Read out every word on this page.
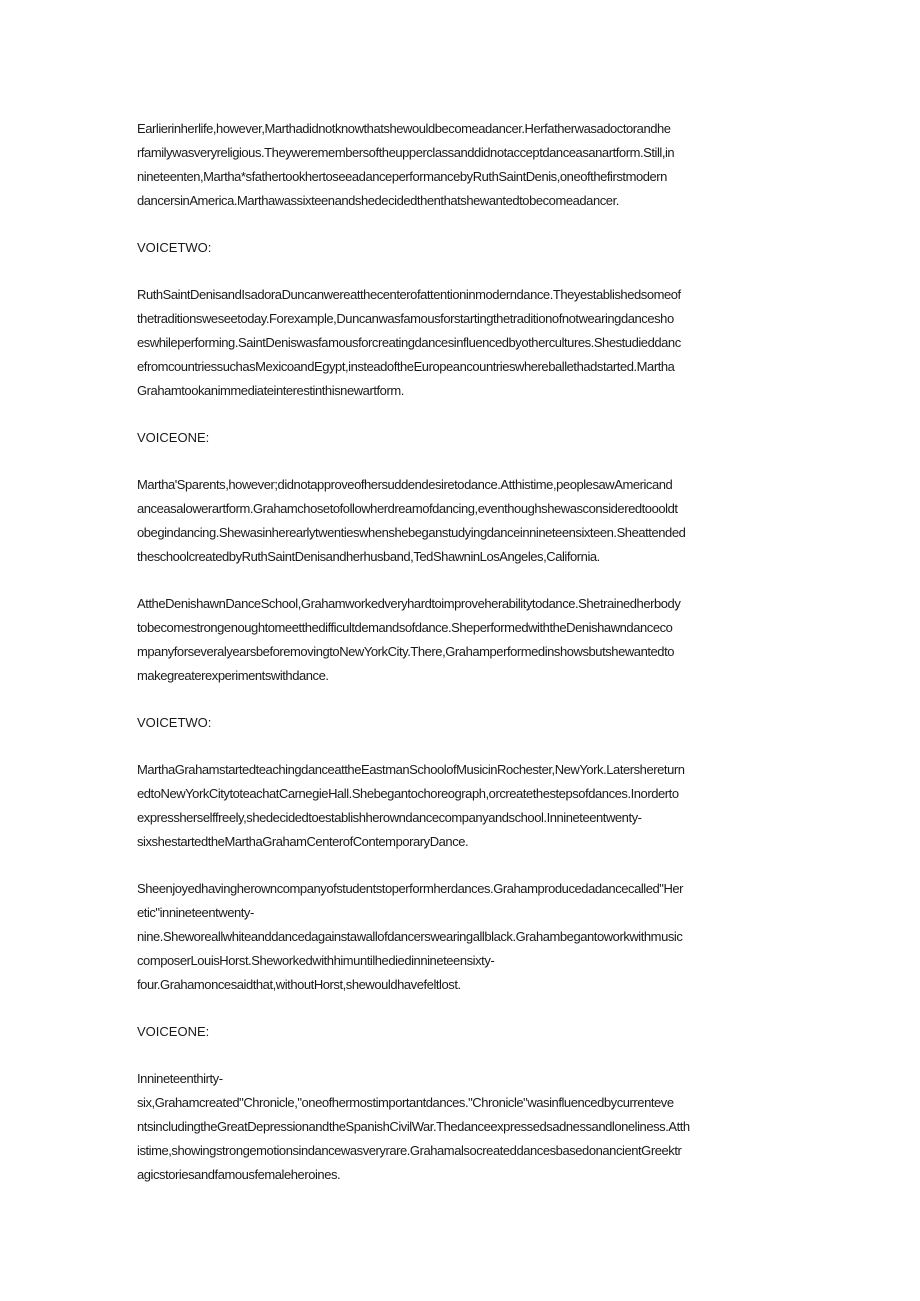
Earlierinherlife,however,Marthadidnotknowthatshewouldbecomeadancer.Herfatherwasadoctorandhe
rfamilywasveryreligious.Theyweremembersoftheupperclassanddidnotacceptdanceasanartform.Still,in
nineteenten,Martha*sfathertookhertoseeadanceperformancebyRuthSaintDenis,oneofthefirstmodern
dancersinAmerica.Marthawassixteenandshedecidedthenthatshewantedtobecomeadancer.
VOICETWO:
RuthSaintDenisandIsadoraDuncanwereatthecenterofattentioninmoderndance.Theyestablishedsomeof
thetraditionsweseetoday.Forexample,Duncanwasfamousforstartingthetraditionofnotwearingdancesho
eswhileperforming.SaintDeniswasfamousforcreatingdancesinfluencedbyothercultures.Shestudieddanc
efromcountriessuchasMexicoandEgypt,insteadoftheEuropeancountrieswhereballethadstarted.Martha
Grahamtookanimmediateinterestinthisnewartform.
VOICEONE:
Martha'Sparents,however;didnotapproveofhersuddendesiretodance.Atthistime,peoplesawAmericand
anceasalowerartform.Grahamchosetofollowherdreamofdancing,eventhoughshewasconsideredtoooldt
obegindancing.Shewasinherearlytwentieswhenshebeganstudyingdanceinnineteensixteen.Sheattended
theschoolcreatedbyRuthSaintDenisandherhusband,TedShawninLosAngeles,California.
AttheDenishawnDanceSchool,Grahamworkedveryhardtoimproveherabilitytodance.Shetrainedherbody
tobecomestrongenoughtomeetthedifficultdemandsofdance.SheperformedwiththeDenishawndanceco
mpanyforseveralyearsbeforemovingtoNewYorkCity.There,Grahamperformedinshowsbutshewantedto
makegreaterexperimentswithdance.
VOICETWO:
MarthaGrahamstartedteachingdanceattheEastmanSchoolofMusicinRochester,NewYork.Latershereturn
edtoNewYorkCitytoteachatCarnegieHall.Shebegantochoreograph,orcreatethestepsofdances.Inorderto
expressherselffreely,shedecidedtoestablishherowndancecompanyandschool.Innineteentwenty-
sixshestartedtheMarthaGrahamCenterofContemporaryDance.
Sheenjoyedhavingherowncompanyofstudentstoperformherdances.Grahamproducedadancecalled"Her
etic"innineteentwenty-
nine.Sheworeallwhiteanddancedagainstawallofdancerswearingallblack.Grahambegantoworkwithmusic
composerLouisHorst.Sheworkedwithhimuntilhediedinnineteensixty-
four.Grahamoncesaidthat,withoutHorst,shewouldhavefeltlost.
VOICEONE:
Innineteenthirty-
six,Grahamcreated"Chronicle,"oneofhermostimportantdances."Chronicle"wasinfluencedbycurrenteve
ntsincludingtheGreatDepressionandtheSpanishCivilWar.Thedanceexpressedsadnessandloneliness.Atth
istime,showingstrongemotionsindancewasveryrare.GrahamalsocreateddancesbasedonancientGreektr
agicstoriesandfamousfemaleheroines.
